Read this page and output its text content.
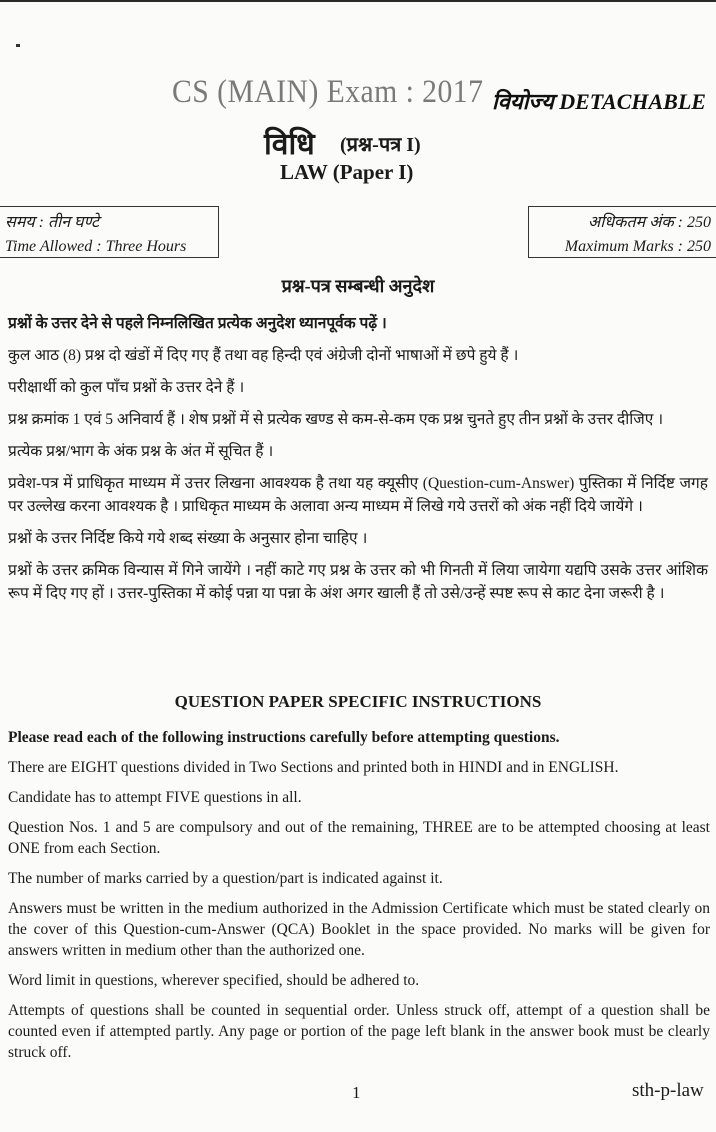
CS (MAIN) Exam : 2017 वियोज्य DETACHABLE
विधि (प्रश्न-पत्र I)
LAW (Paper I)
समय : तीन घण्टे
Time Allowed : Three Hours
अधिकतम अंक : 250
Maximum Marks : 250
प्रश्न-पत्र सम्बन्धी अनुदेश

प्रश्नों के उत्तर देने से पहले निम्नलिखित प्रत्येक अनुदेश ध्यानपूर्वक पढ़ें ।

कुल आठ (8) प्रश्न दो खंडों में दिए गए हैं तथा वह हिन्दी एवं अंग्रेजी दोनों भाषाओं में छपे हुये हैं ।

परीक्षार्थी को कुल पाँच प्रश्नों के उत्तर देने हैं ।

प्रश्न क्रमांक 1 एवं 5 अनिवार्य हैं । शेष प्रश्नों में से प्रत्येक खण्ड से कम-से-कम एक प्रश्न चुनते हुए तीन प्रश्नों के उत्तर दीजिए ।

प्रत्येक प्रश्न/भाग के अंक प्रश्न के अंत में सूचित हैं ।

प्रवेश-पत्र में प्राधिकृत माध्यम में उत्तर लिखना आवश्यक है तथा यह क्यूसीए (Question-cum-Answer) पुस्तिका में निर्दिष्ट जगह पर उल्लेख करना आवश्यक है । प्राधिकृत माध्यम के अलावा अन्य माध्यम में लिखे गये उत्तरों को अंक नहीं दिये जायेंगे ।

प्रश्नों के उत्तर निर्दिष्ट किये गये शब्द संख्या के अनुसार होना चाहिए ।

प्रश्नों के उत्तर क्रमिक विन्यास में गिने जायेंगे । नहीं काटे गए प्रश्न के उत्तर को भी गिनती में लिया जायेगा यद्यपि उसके उत्तर आंशिक रूप में दिए गए हों । उत्तर-पुस्तिका में कोई पन्ना या पन्ना के अंश अगर खाली हैं तो उसे/उन्हें स्पष्ट रूप से काट देना जरूरी है ।

QUESTION PAPER SPECIFIC INSTRUCTIONS

Please read each of the following instructions carefully before attempting questions.

There are EIGHT questions divided in Two Sections and printed both in HINDI and in ENGLISH.

Candidate has to attempt FIVE questions in all.

Question Nos. 1 and 5 are compulsory and out of the remaining, THREE are to be attempted choosing at least ONE from each Section.

The number of marks carried by a question/part is indicated against it.

Answers must be written in the medium authorized in the Admission Certificate which must be stated clearly on the cover of this Question-cum-Answer (QCA) Booklet in the space provided. No marks will be given for answers written in medium other than the authorized one.

Word limit in questions, wherever specified, should be adhered to.

Attempts of questions shall be counted in sequential order. Unless struck off, attempt of a question shall be counted even if attempted partly. Any page or portion of the page left blank in the answer book must be clearly struck off.

1	sth-p-law
